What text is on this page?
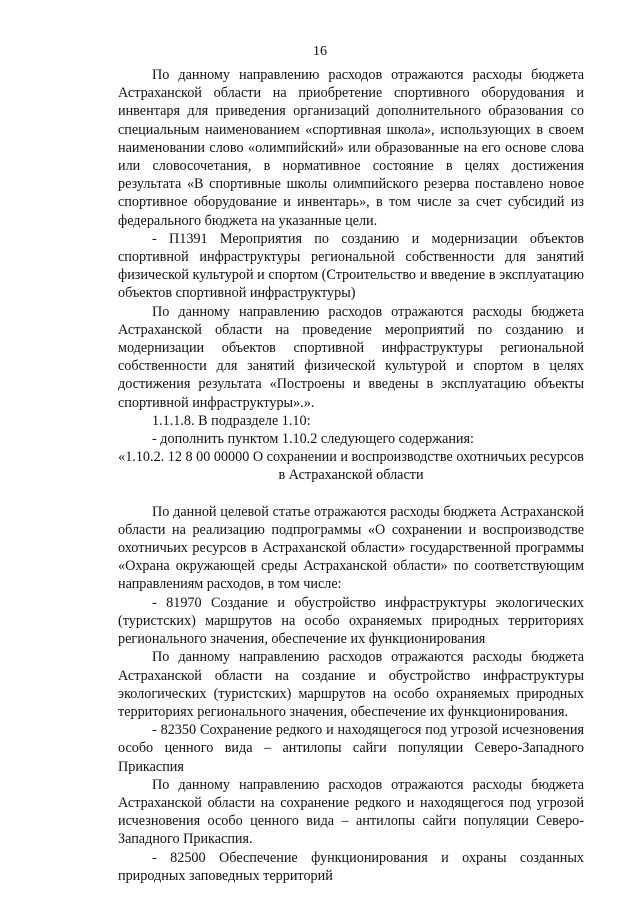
16

По данному направлению расходов отражаются расходы бюджета Астраханской области на приобретение спортивного оборудования и инвентаря для приведения организаций дополнительного образования со специальным наименованием «спортивная школа», использующих в своем наименовании слово «олимпийский» или образованные на его основе слова или словосочетания, в нормативное состояние в целях достижения результата «В спортивные школы олимпийского резерва поставлено новое спортивное оборудование и инвентарь», в том числе за счет субсидий из федерального бюджета на указанные цели.

- П1391 Мероприятия по созданию и модернизации объектов спортивной инфраструктуры региональной собственности для занятий физической культурой и спортом (Строительство и введение в эксплуатацию объектов спортивной инфраструктуры)

По данному направлению расходов отражаются расходы бюджета Астраханской области на проведение мероприятий по созданию и модернизации объектов спортивной инфраструктуры региональной собственности для занятий физической культурой и спортом в целях достижения результата «Построены и введены в эксплуатацию объекты спортивной инфраструктуры».».

1.1.1.8. В подразделе 1.10:

- дополнить пунктом 1.10.2 следующего содержания:

«1.10.2. 12 8 00 00000 О сохранении и воспроизводстве охотничьих ресурсов в Астраханской области

По данной целевой статье отражаются расходы бюджета Астраханской области на реализацию подпрограммы «О сохранении и воспроизводстве охотничьих ресурсов в Астраханской области» государственной программы «Охрана окружающей среды Астраханской области» по соответствующим направлениям расходов, в том числе:

- 81970 Создание и обустройство инфраструктуры экологических (туристских) маршрутов на особо охраняемых природных территориях регионального значения, обеспечение их функционирования

По данному направлению расходов отражаются расходы бюджета Астраханской области на создание и обустройство инфраструктуры экологических (туристских) маршрутов на особо охраняемых природных территориях регионального значения, обеспечение их функционирования.

- 82350 Сохранение редкого и находящегося под угрозой исчезновения особо ценного вида – антилопы сайги популяции Северо-Западного Прикаспия

По данному направлению расходов отражаются расходы бюджета Астраханской области на сохранение редкого и находящегося под угрозой исчезновения особо ценного вида – антилопы сайги популяции Северо-Западного Прикаспия.

- 82500 Обеспечение функционирования и охраны созданных природных заповедных территорий
